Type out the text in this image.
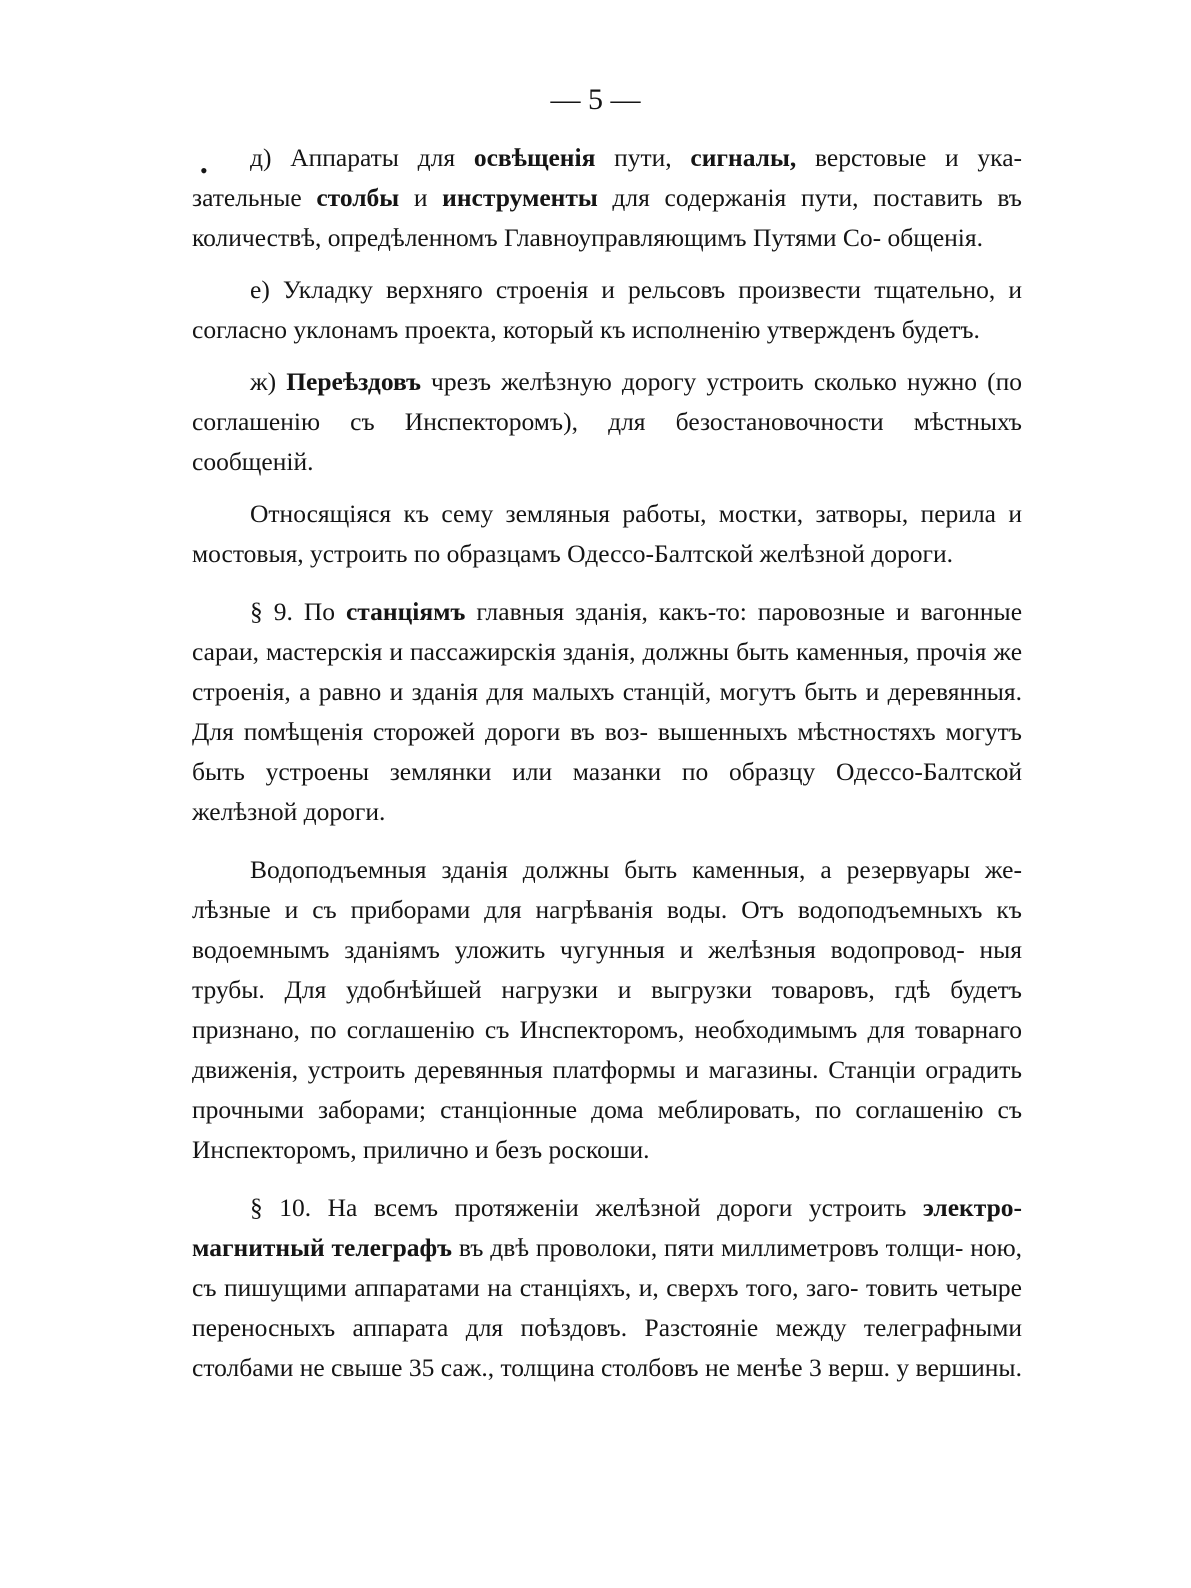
— 5 —
•	д) Аппараты для освѣщенія пути, сигналы, верстовые и ука- зательные столбы и инструменты для содержанія пути, поставить въ количествѣ, опредѣленномъ Главноуправляющимъ Путями Со- общенія.

е) Укладку верхняго строенія и рельсовъ произвести тщательно, и согласно уклонамъ проекта, который къ исполненію утвержденъ будетъ.

ж) Переѣздовъ чрезъ желѣзную дорогу устроить сколько нужно (по соглашенію съ Инспекторомъ), для безостановочности мѣстныхъ сообщеній.

Относящіяся къ сему земляныя работы, мостки, затворы, перила и мостовыя, устроить по образцамъ Одессо-Балтской желѣзной дороги.

§ 9. По станціямъ главныя зданія, какъ-то: паровозные и вагонные сараи, мастерскія и пассажирскія зданія, должны быть каменныя, прочія же строенія, а равно и зданія для малыхъ станцій, могутъ быть и деревянныя. Для помѣщенія сторожей дороги въ воз- вышенныхъ мѣстностяхъ могутъ быть устроены землянки или мазанки по образцу Одессо-Балтской желѣзной дороги.

Водоподъемныя зданія должны быть каменныя, а резервуары же- лѣзные и съ приборами для нагрѣванія воды. Отъ водоподъемныхъ къ водоемнымъ зданіямъ уложить чугунныя и желѣзныя водопровод- ныя трубы. Для удобнѣйшей нагрузки и выгрузки товаровъ, гдѣ будетъ признано, по соглашенію съ Инспекторомъ, необходимымъ для товарнаго движенія, устроить деревянныя платформы и магазины. Станціи оградить прочными заборами; станціонные дома меблировать, по соглашенію съ Инспекторомъ, прилично и безъ роскоши.

§ 10. На всемъ протяженіи желѣзной дороги устроить электро- магнитный телеграфъ въ двѣ проволоки, пяти миллиметровъ толщи- ною, съ пишущими аппаратами на станціяхъ, и, сверхъ того, заго- товить четыре переносныхъ аппарата для поѣздовъ. Разстояніе между телеграфными столбами не свыше 35 саж., толщина столбовъ не менѣе 3 верш. у вершины.
